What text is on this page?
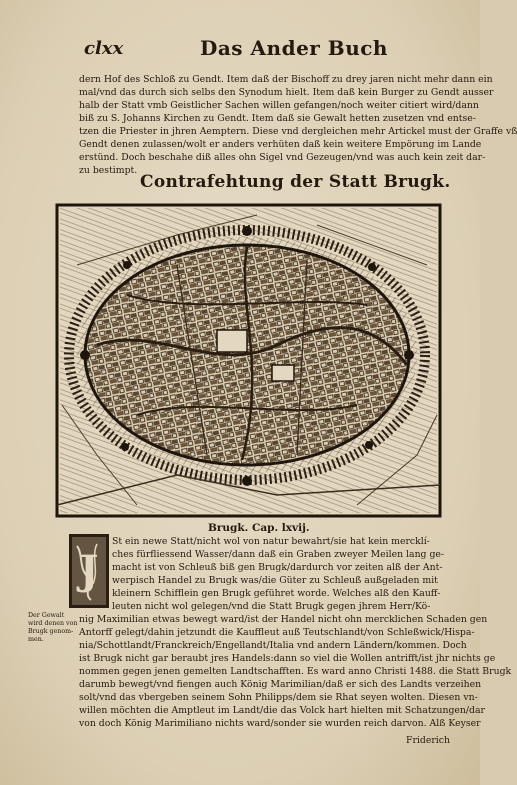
clxx	Das Ander Buch
dern Hof des Schloß zu Gendt. Item daß der Bischoff zu drey jaren nicht mehr dann ein
mal/vnd das durch sich selbs den Synodum hielt. Item daß kein Burger zu Gendt ausser
halb der Statt vmb Geistlicher Sachen willen gefangen/noch weiter citiert wird/dann
biß zu S. Johanns Kirchen zu Gendt. Item daß sie Gewalt hetten zusetzen vnd entse-
tzen die Priester in jhren Aemptern. Diese vnd dergleichen mehr Artickel must der Graffe vß
Gendt denen zulassen/wolt er anders verhüten daß kein weitere Empörung im Lande
erstünd. Doch beschahe diß alles ohn Sigel vnd Gezeugen/vnd was auch kein zeit dar-
zu bestimpt.
Contrafehtung der Statt Brugk.
Brugk. Cap. lxvij.
J
St ein newe Statt/nicht wol von natur bewahrt/sie hat kein mercklí-
ches fürfliessend Wasser/dann daß ein Graben zweyer Meilen lang ge-
macht ist von Schleuß biß gen Brugk/dardurch vor zeiten alß der Ant-
werpisch Handel zu Brugk was/die Güter zu Schleuß außgeladen mit
kleinern Schifflein gen Brugk geführet worde. Welches alß den Kauff-
leuten nicht wol gelegen/vnd die Statt Brugk gegen jhrem Herr/Kö-
nig Maximilian etwas bewegt ward/ist der Handel nicht ohn mercklichen Schaden gen
Antorff gelegt/dahin jetzundt die Kauffleut auß Teutschlandt/von Schleßwick/Hispa-
nia/Schottlandt/Franckreich/Engellandt/Italia vnd andern Ländern/kommen. Doch
ist Brugk nicht gar beraubt jres Handels:dann so viel die Wollen antrifft/ist jhr nichts ge
nommen gegen jenen gemelten Landtschafften. Es ward anno Christi 1488. die Statt Brugk
darumb bewegt/vnd fiengen auch König Marimilian/daß er sich des Landts verzeihen
solt/vnd das vbergeben seinem Sohn Philipps/dem sie Rhat seyen wolten. Diesen vn-
willen möchten die Amptleut im Landt/die das Volck hart hielten mit Schatzungen/dar
von doch König Marimiliano nichts ward/sonder sie wurden reich darvon. Alß Keyser
Der Gewalt
wird denen von
Brugk genom-
men.
Friderich
